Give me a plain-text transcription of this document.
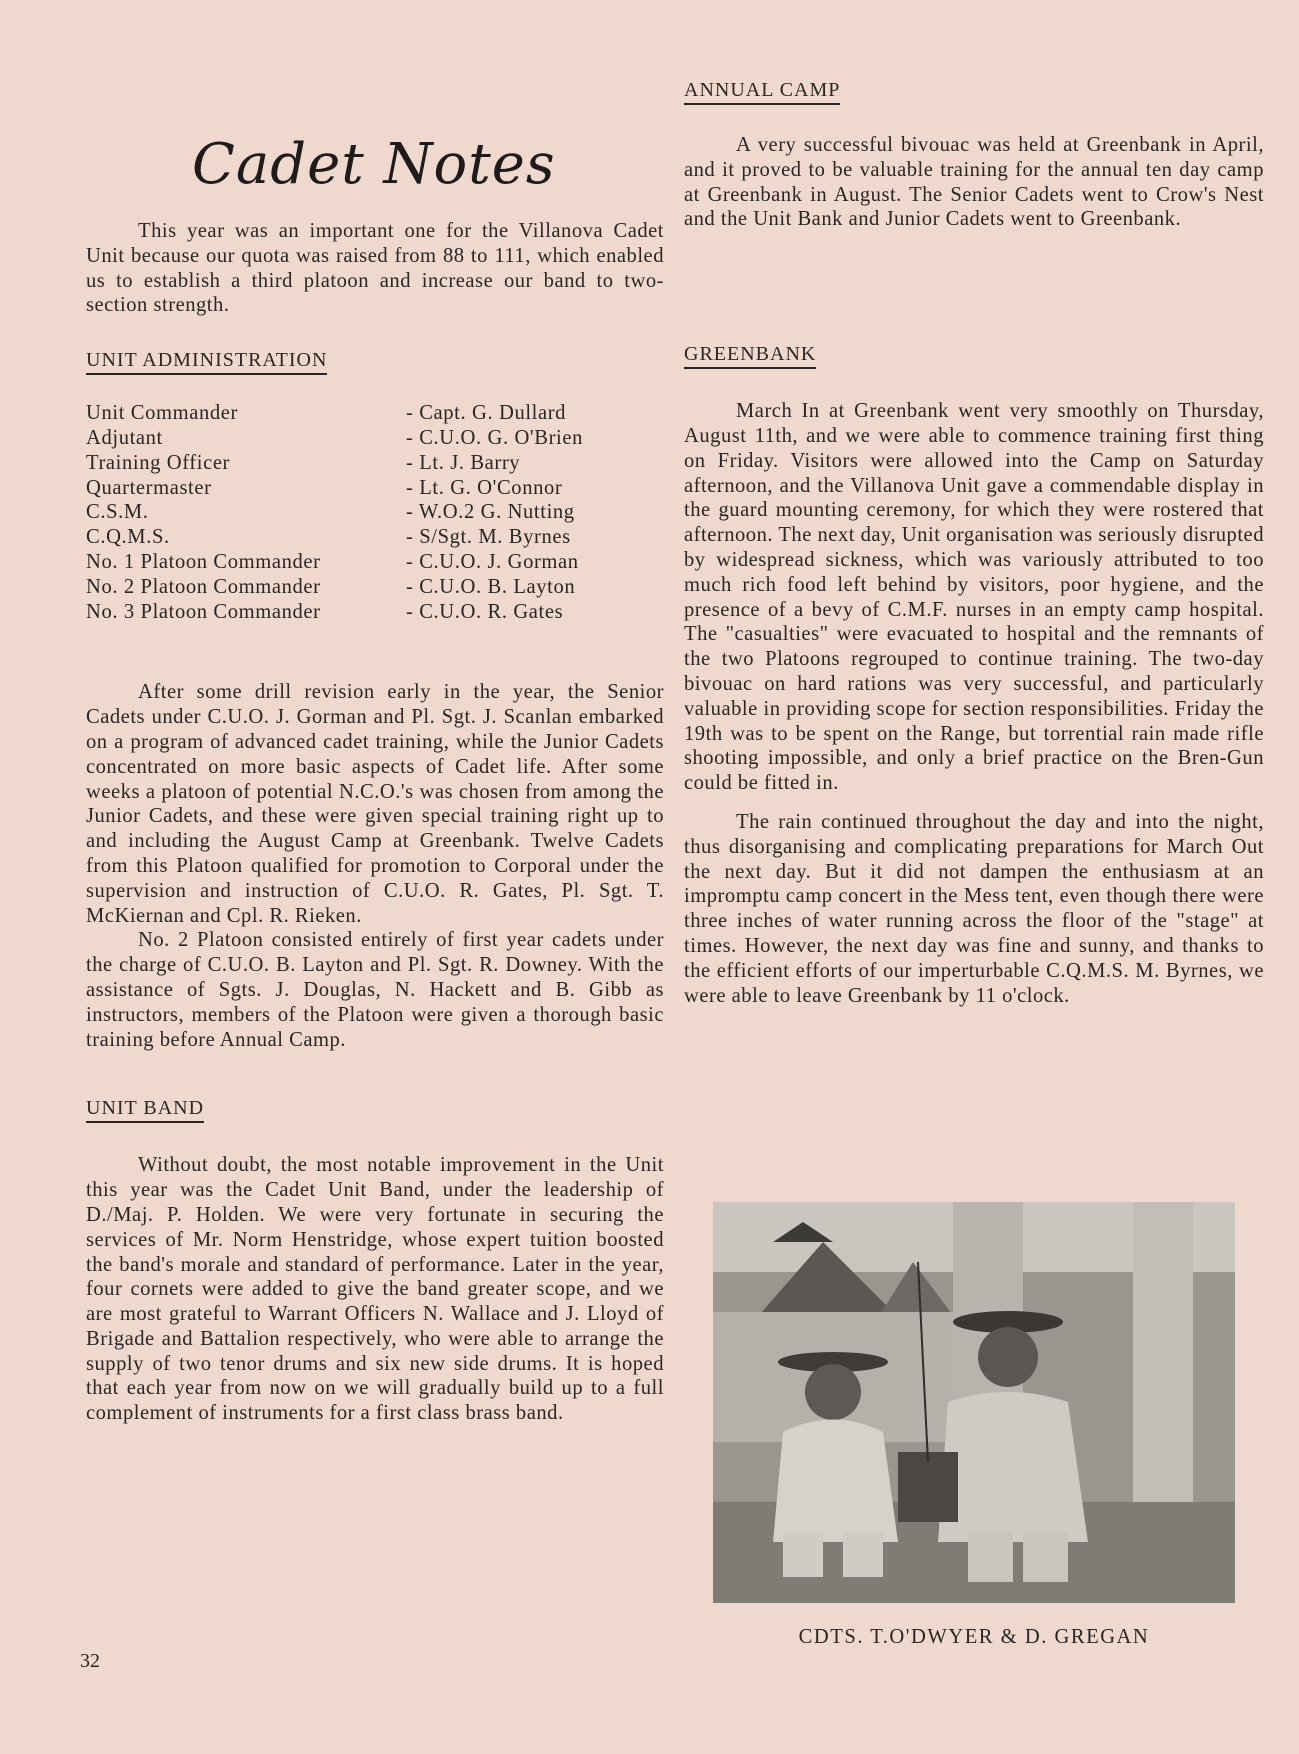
Cadet Notes

This year was an important one for the Villanova Cadet Unit because our quota was raised from 88 to 111, which enabled us to establish a third platoon and increase our band to two-section strength.

UNIT ADMINISTRATION
Unit Commander	- Capt. G. Dullard
Adjutant	- C.U.O. G. O'Brien
Training Officer	- Lt. J. Barry
Quartermaster	- Lt. G. O'Connor
C.S.M.	- W.O.2 G. Nutting
C.Q.M.S.	- S/Sgt. M. Byrnes
No. 1 Platoon Commander	- C.U.O. J. Gorman
No. 2 Platoon Commander	- C.U.O. B. Layton
No. 3 Platoon Commander	- C.U.O. R. Gates

After some drill revision early in the year, the Senior Cadets under C.U.O. J. Gorman and Pl. Sgt. J. Scanlan embarked on a program of advanced cadet training, while the Junior Cadets concentrated on more basic aspects of Cadet life. After some weeks a platoon of potential N.C.O.'s was chosen from among the Junior Cadets, and these were given special training right up to and including the August Camp at Greenbank. Twelve Cadets from this Platoon qualified for promotion to Corporal under the supervision and instruction of C.U.O. R. Gates, Pl. Sgt. T. McKiernan and Cpl. R. Rieken.

No. 2 Platoon consisted entirely of first year cadets under the charge of C.U.O. B. Layton and Pl. Sgt. R. Downey. With the assistance of Sgts. J. Douglas, N. Hackett and B. Gibb as instructors, members of the Platoon were given a thorough basic training before Annual Camp.

UNIT BAND

Without doubt, the most notable improvement in the Unit this year was the Cadet Unit Band, under the leadership of D./Maj. P. Holden. We were very fortunate in securing the services of Mr. Norm Henstridge, whose expert tuition boosted the band's morale and standard of performance. Later in the year, four cornets were added to give the band greater scope, and we are most grateful to Warrant Officers N. Wallace and J. Lloyd of Brigade and Battalion respectively, who were able to arrange the supply of two tenor drums and six new side drums. It is hoped that each year from now on we will gradually build up to a full complement of instruments for a first class brass band.

ANNUAL CAMP

A very successful bivouac was held at Greenbank in April, and it proved to be valuable training for the annual ten day camp at Greenbank in August. The Senior Cadets went to Crow's Nest and the Unit Bank and Junior Cadets went to Greenbank.

GREENBANK

March In at Greenbank went very smoothly on Thursday, August 11th, and we were able to commence training first thing on Friday. Visitors were allowed into the Camp on Saturday afternoon, and the Villanova Unit gave a commendable display in the guard mounting ceremony, for which they were rostered that afternoon. The next day, Unit organisation was seriously disrupted by widespread sickness, which was variously attributed to too much rich food left behind by visitors, poor hygiene, and the presence of a bevy of C.M.F. nurses in an empty camp hospital. The "casualties" were evacuated to hospital and the remnants of the two Platoons regrouped to continue training. The two-day bivouac on hard rations was very successful, and particularly valuable in providing scope for section responsibilities. Friday the 19th was to be spent on the Range, but torrential rain made rifle shooting impossible, and only a brief practice on the Bren-Gun could be fitted in.

The rain continued throughout the day and into the night, thus disorganising and complicating preparations for March Out the next day. But it did not dampen the enthusiasm at an impromptu camp concert in the Mess tent, even though there were three inches of water running across the floor of the "stage" at times. However, the next day was fine and sunny, and thanks to the efficient efforts of our imperturbable C.Q.M.S. M. Byrnes, we were able to leave Greenbank by 11 o'clock.

CDTS. T.O'DWYER & D. GREGAN
32
